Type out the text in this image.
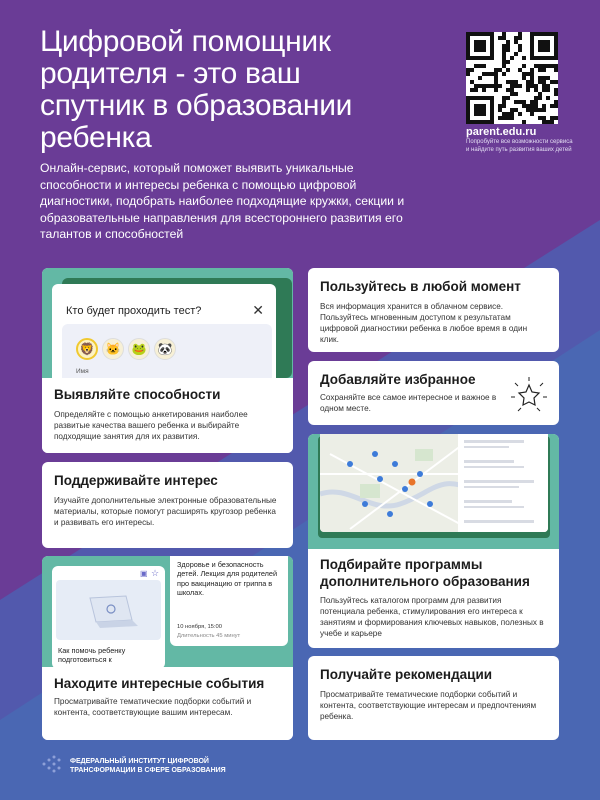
Цифровой помощник родителя - это ваш спутник в образовании ребенка
Онлайн-сервис, который поможет выявить уникальные способности и интересы ребенка с помощью цифровой диагностики, подобрать наиболее подходящие кружки, секции и образовательные направления для всестороннего развития его талантов и способностей
parent.edu.ru
Попробуйте все возможности сервиса и найдите путь развития ваших детей
Кто будет проходить тест?	✕
🦁 🐱 🐸 🐼
Имя
Выявляйте способности

Определяйте с помощью анкетирования наиболее развитые качества вашего ребенка и выбирайте подходящие занятия для их развития.

Поддерживайте интерес

Изучайте дополнительные электронные образовательные материалы, которые помогут расширять кругозор ребенка и развивать его интересы.

Здоровье и безопасность детей. Лекция для родителей про вакцинацию от гриппа в школах.
10 ноября, 15:00
Длительность 45 минут
▣ ☆
Как помочь ребенку подготовиться к
Находите интересные события

Просматривайте тематические подборки событий и контента, соответствующие вашим интересам.

Пользуйтесь в любой момент

Вся информация хранится в облачном сервисе. Пользуйтесь мгновенным доступом к результатам цифровой диагностики ребенка в любое время в один клик.

Добавляйте избранное

Сохраняйте все самое интересное и важное в одном месте.

Подбирайте программы дополнительного образования

Пользуйтесь каталогом программ для развития потенциала ребенка, стимулирования его интереса к занятиям и формирования ключевых навыков, полезных в учебе и карьере

Получайте рекомендации

Просматривайте тематические подборки событий и контента, соответствующие интересам и предпочтениям ребенка.

ФЕДЕРАЛЬНЫЙ ИНСТИТУТ ЦИФРОВОЙ ТРАНСФОРМАЦИИ В СФЕРЕ ОБРАЗОВАНИЯ
